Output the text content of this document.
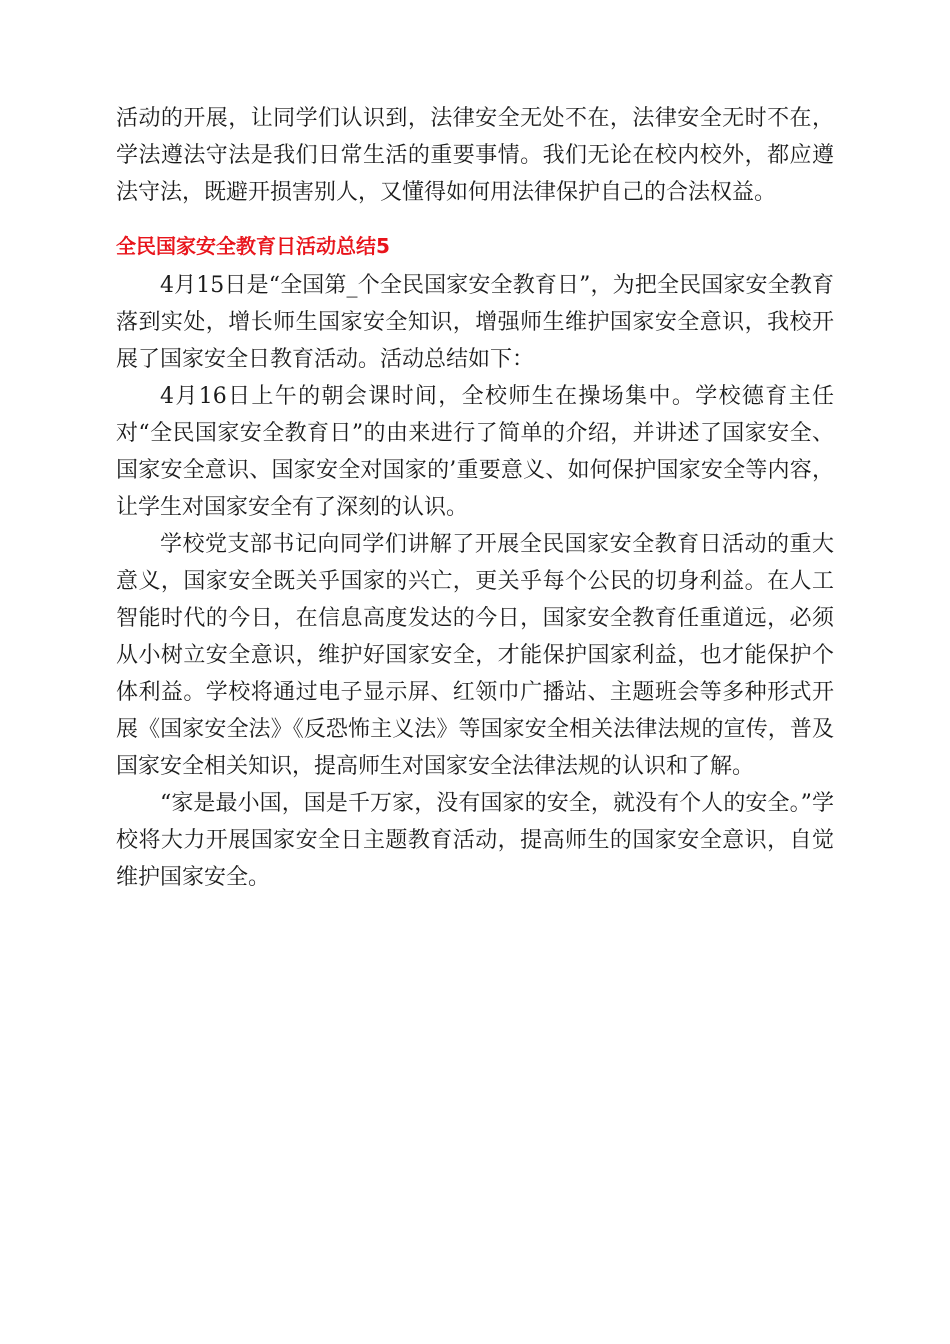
活动的开展，让同学们认识到，法律安全无处不在，法律安全无时不在，学法遵法守法是我们日常生活的重要事情。我们无论在校内校外，都应遵法守法，既避开损害别人，又懂得如何用法律保护自己的合法权益。

全民国家安全教育日活动总结5

4月15日是“全国第_个全民国家安全教育日”，为把全民国家安全教育落到实处，增长师生国家安全知识，增强师生维护国家安全意识，我校开展了国家安全日教育活动。活动总结如下：

4月16日上午的朝会课时间，全校师生在操场集中。学校德育主任对“全民国家安全教育日”的由来进行了简单的介绍，并讲述了国家安全、国家安全意识、国家安全对国家的’重要意义、如何保护国家安全等内容，让学生对国家安全有了深刻的认识。

学校党支部书记向同学们讲解了开展全民国家安全教育日活动的重大意义，国家安全既关乎国家的兴亡，更关乎每个公民的切身利益。在人工智能时代的今日，在信息高度发达的今日，国家安全教育任重道远，必须从小树立安全意识，维护好国家安全，才能保护国家利益，也才能保护个体利益。学校将通过电子显示屏、红领巾广播站、主题班会等多种形式开展《国家安全法》《反恐怖主义法》等国家安全相关法律法规的宣传，普及国家安全相关知识，提高师生对国家安全法律法规的认识和了解。

“家是最小国，国是千万家，没有国家的安全，就没有个人的安全。”学校将大力开展国家安全日主题教育活动，提高师生的国家安全意识，自觉维护国家安全。
